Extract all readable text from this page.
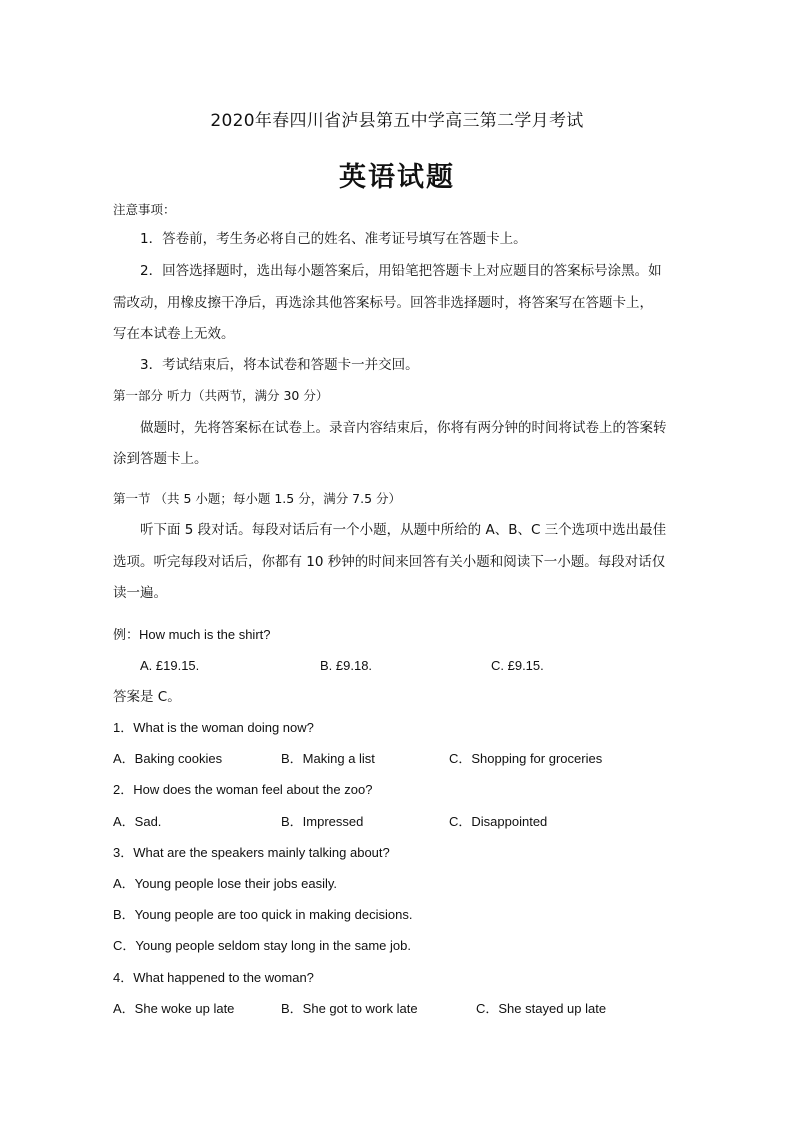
2020年春四川省泸县第五中学高三第二学月考试
英语试题
注意事项：
1．答卷前，考生务必将自己的姓名、准考证号填写在答题卡上。
2．回答选择题时，选出每小题答案后，用铅笔把答题卡上对应题目的答案标号涂黑。如
需改动，用橡皮擦干净后，再选涂其他答案标号。回答非选择题时，将答案写在答题卡上，
写在本试卷上无效。
3．考试结束后，将本试卷和答题卡一并交回。
第一部分 听力（共两节，满分 30 分）
做题时，先将答案标在试卷上。录音内容结束后，你将有两分钟的时间将试卷上的答案转
涂到答题卡上。
第一节 （共 5 小题；每小题 1.5 分，满分 7.5 分）
听下面 5 段对话。每段对话后有一个小题，从题中所给的 A、B、C 三个选项中选出最佳
选项。听完每段对话后，你都有 10 秒钟的时间来回答有关小题和阅读下一小题。每段对话仅
读一遍。
例：How much is the shirt?
A. £19.15.	B. £9.18.	C. £9.15.
答案是 C。
1．What is the woman doing now?
A．Baking cookies	B．Making a list	C．Shopping for groceries
2．How does the woman feel about the zoo?
A．Sad.	B．Impressed	C．Disappointed
3．What are the speakers mainly talking about?
A．Young people lose their jobs easily.
B．Young people are too quick in making decisions.
C．Young people seldom stay long in the same job.
4．What happened to the woman?
A．She woke up late	B．She got to work late	C．She stayed up late
